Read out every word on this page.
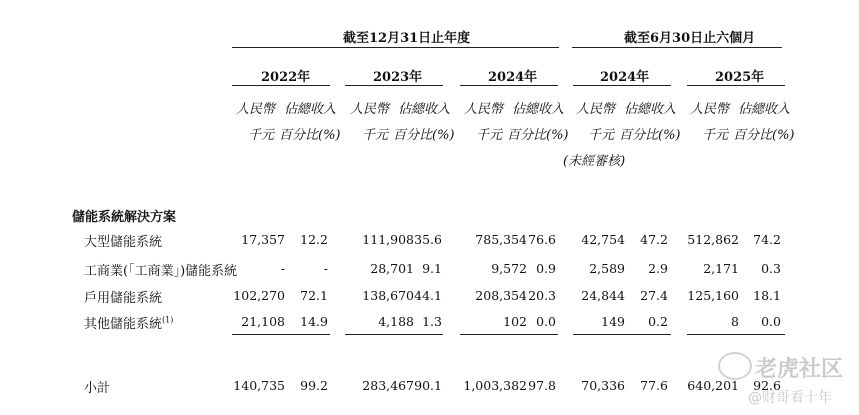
截至12月31日止年度	截至6月30日止六個月
2022年	2023年	2024年	2024年	2025年
人民幣 佔總收入 人民幣 佔總收入 人民幣 佔總收入 人民幣 佔總收入 人民幣 佔總收入
千元 百分比(%) 千元 百分比(%) 千元 百分比(%) 千元 百分比(%) 千元 百分比(%)
(未經審核)
儲能系統解決方案
大型儲能系統	17,357	12.2	111,908 35.6	785,354 76.6	42,754	47.2	512,862	74.2
工商業(「工商業」)儲能系統	-	-	28,701 9.1	9,572 0.9	2,589	2.9	2,171	0.3
戶用儲能系統	102,270	72.1	138,670 44.1	208,354 20.3	24,844	27.4	125,160	18.1
其他儲能系統$^{(1)}$	21,108	14.9	4,188 1.3	102 0.0	149	0.2	8	0.0
小計	140,735	99.2	283,467 90.1	1,003,382 97.8	70,336	77.6	640,201	92.6
老虎社区
@财哥看十年
